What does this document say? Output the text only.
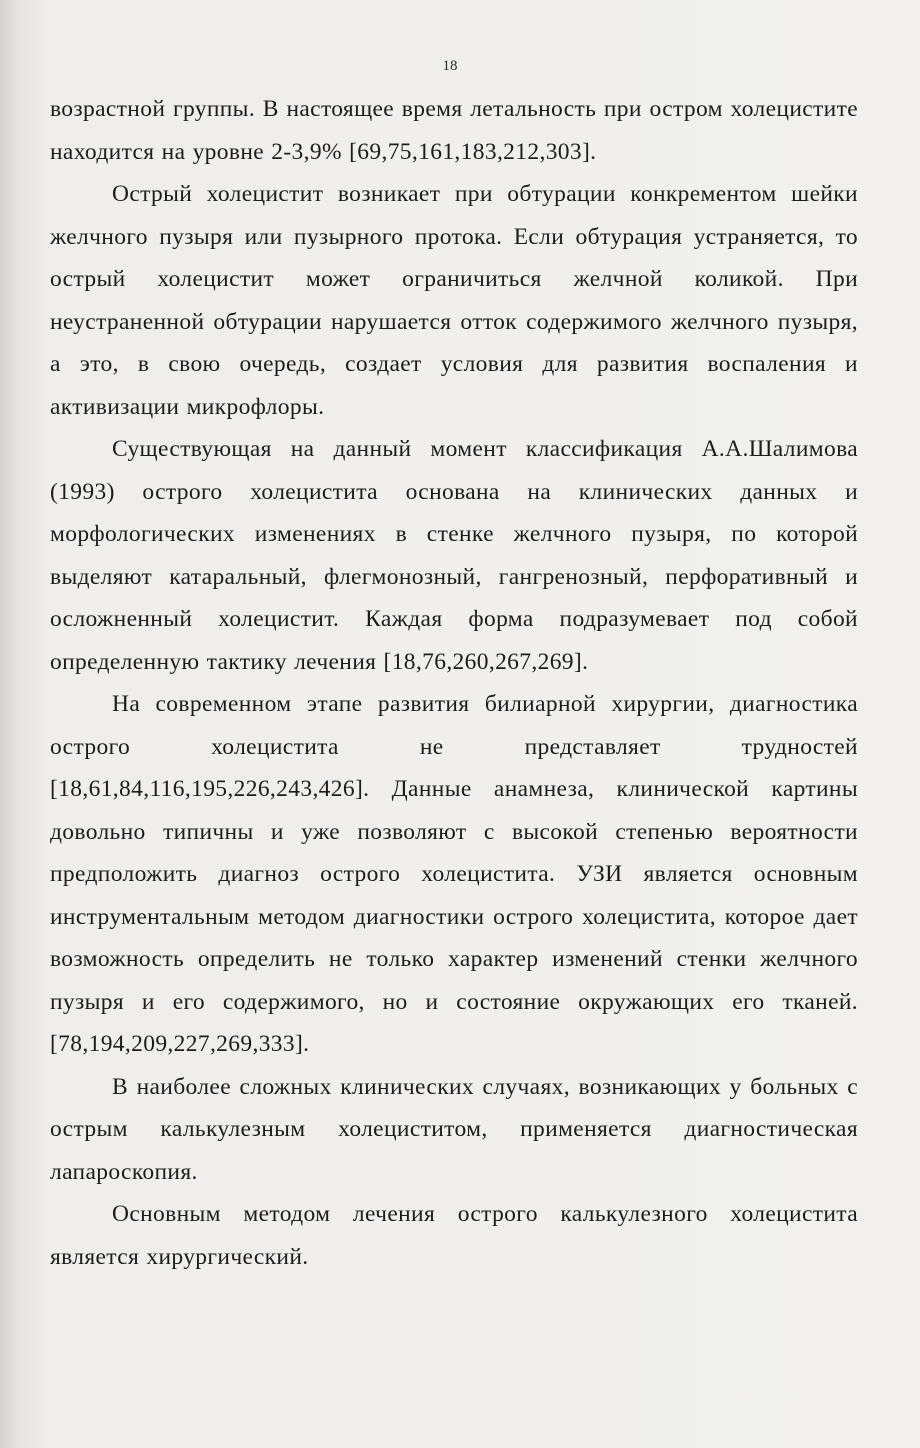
18

возрастной группы. В настоящее время летальность при остром холецистите находится на уровне 2-3,9% [69,75,161,183,212,303].

Острый холецистит возникает при обтурации конкрементом шейки желчного пузыря или пузырного протока. Если обтурация устраняется, то острый холецистит может ограничиться желчной коликой. При неустраненной обтурации нарушается отток содержимого желчного пузыря, а это, в свою очередь, создает условия для развития воспаления и активизации микрофлоры.

Существующая на данный момент классификация А.А.Шалимова (1993) острого холецистита основана на клинических данных и морфологических изменениях в стенке желчного пузыря, по которой выделяют катаральный, флегмонозный, гангренозный, перфоративный и осложненный холецистит. Каждая форма подразумевает под собой определенную тактику лечения [18,76,260,267,269].

На современном этапе развития билиарной хирургии, диагностика острого холецистита не представляет трудностей [18,61,84,116,195,226,243,426]. Данные анамнеза, клинической картины довольно типичны и уже позволяют с высокой степенью вероятности предположить диагноз острого холецистита. УЗИ является основным инструментальным методом диагностики острого холецистита, которое дает возможность определить не только характер изменений стенки желчного пузыря и его содержимого, но и состояние окружающих его тканей. [78,194,209,227,269,333].

В наиболее сложных клинических случаях, возникающих у больных с острым калькулезным холециститом, применяется диагностическая лапароскопия.

Основным методом лечения острого калькулезного холецистита является хирургический.
